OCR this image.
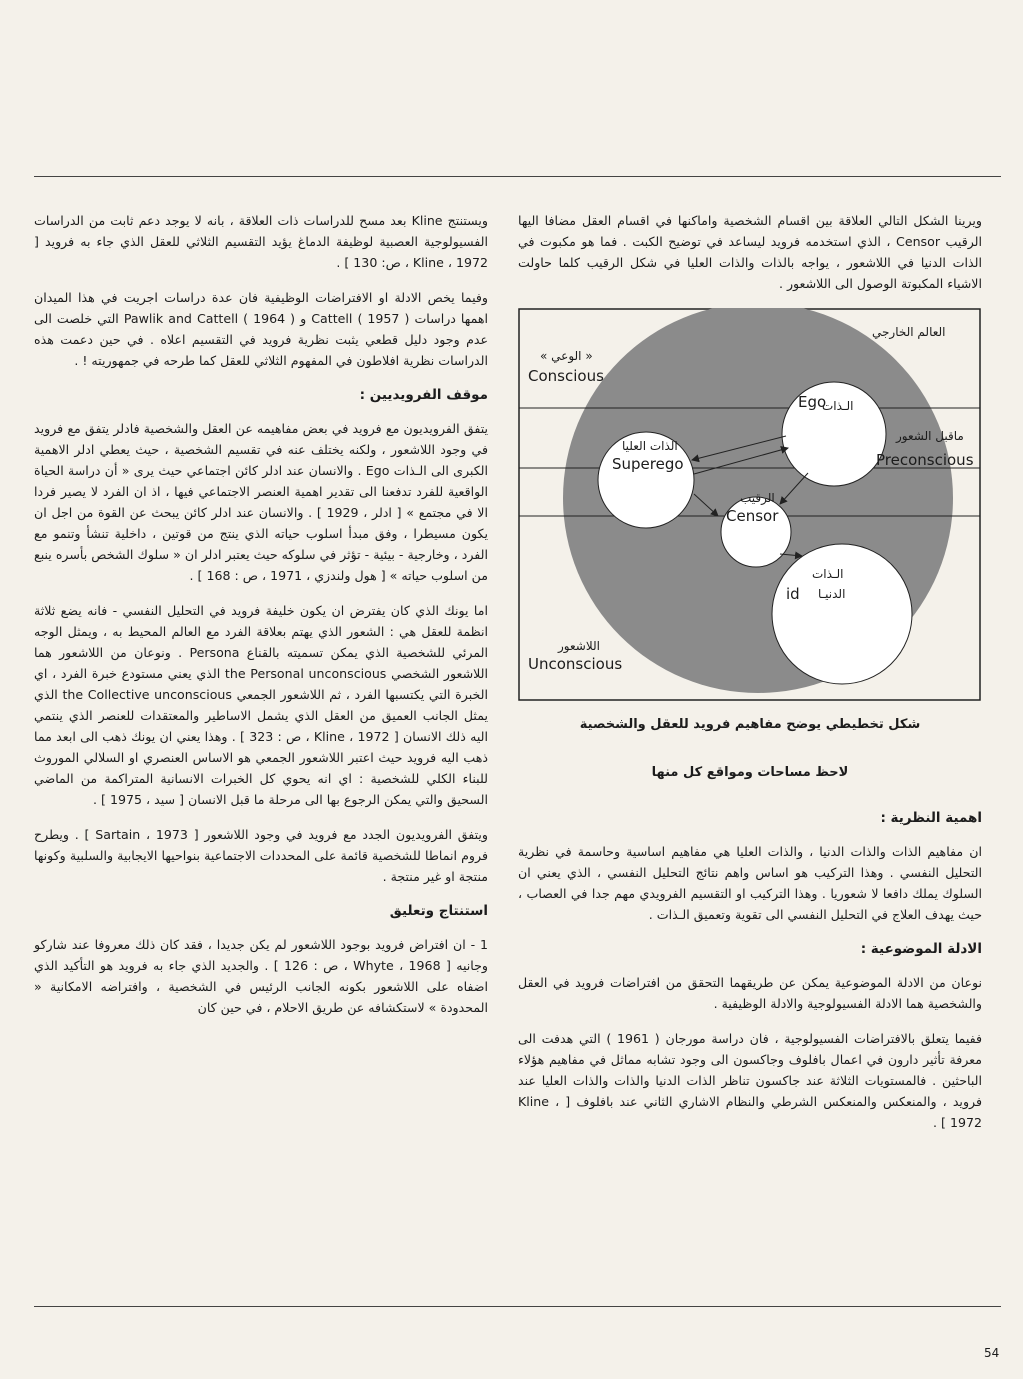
ويرينا الشكل التالي العلاقة بين اقسام الشخصية واماكنها في اقسام العقل مضافا اليها الرقيب Censor ، الذي استخدمه فرويد ليساعد في توضيح الكبت . فما هو مكبوت في الذات الدنيا في اللاشعور ، يواجه بالذات والذات العليا في شكل الرقيب كلما حاولت الاشياء المكبوتة الوصول الى اللاشعور .

العالم الخارجي
« الوعي »
Conscious
الـذات
Ego
الذات العليا
Superego
ماقبل الشعور
Preconscious
الرقيب
Censor
الـذات
الدنيـا
id
اللاشعور
Unconscious

شكل تخطيطي يوضح مفاهيم فرويد للعقل والشخصية

لاحظ مساحات ومواقع كل منها

اهمية النظرية :

ان مفاهيم الذات والذات الدنيا ، والذات العليا هي مفاهيم اساسية وحاسمة في نظرية التحليل النفسي . وهذا التركيب هو اساس واهم نتائج التحليل النفسي ، الذي يعني ان السلوك يملك دافعا لا شعوريا . وهذا التركيب او التقسيم الفرويدي مهم جدا في العصاب ، حيث يهدف العلاج في التحليل النفسي الى تقوية وتعميق الـذات .

الادلة الموضوعية :

نوعان من الادلة الموضوعية يمكن عن طريقهما التحقق من افتراضات فرويد في العقل والشخصية هما الادلة الفسيولوجية والادلة الوظيفية .

ففيما يتعلق بالافتراضات الفسيولوجية ، فان دراسة مورجان ( 1961 ) التي هدفت الى معرفة تأثير دارون في اعمال بافلوف وجاكسون الى وجود تشابه مماثل في مفاهيم هؤلاء الباحثين . فالمستويات الثلاثة عند جاكسون تناظر الذات الدنيا والذات والذات العليا عند فرويد ، والمنعكس والمنعكس الشرطي والنظام الاشاري الثاني عند بافلوف [ Kline ، 1972 ] .

ويستنتج Kline بعد مسح للدراسات ذات العلاقة ، بانه لا يوجد دعم ثابت من الدراسات الفسيولوجية العصبية لوظيفة الدماغ يؤيد التقسيم الثلاثي للعقل الذي جاء به فرويد [ Kline ، 1972 ، ص: 130 ] .

وفيما يخص الادلة او الافتراضات الوظيفية فان عدة دراسات اجريت في هذا الميدان اهمها دراسات Cattell ( 1957 ) و Pawlik and Cattell ( 1964 ) التي خلصت الى عدم وجود دليل قطعي يثبت نظرية فرويد في التقسيم اعلاه . في حين دعمت هذه الدراسات نظرية افلاطون في المفهوم الثلاثي للعقل كما طرحه في جمهوريته ! .

موقف الفرويديين :

يتفق الفرويديون مع فرويد في بعض مفاهيمه عن العقل والشخصية فادلر يتفق مع فرويد في وجود اللاشعور ، ولكنه يختلف عنه في تقسيم الشخصية ، حيث يعطي ادلر الاهمية الكبرى الى الـذات Ego . والانسان عند ادلر كائن اجتماعي حيث يرى « أن دراسة الحياة الواقعية للفرد تدفعنا الى تقدير اهمية العنصر الاجتماعي فيها ، اذ ان الفرد لا يصير فردا الا في مجتمع » [ ادلر ، 1929 ] . والانسان عند ادلر كائن يبحث عن القوة من اجل ان يكون مسيطرا ، وفق مبدأ اسلوب حياته الذي ينتج من قوتين ، داخلية تنشأ وتنمو مع الفرد ، وخارجية - بيئية - تؤثر في سلوكه حيث يعتبر ادلر ان « سلوك الشخص بأسره ينبع من اسلوب حياته » [ هول ولندزي ، 1971 ، ص : 168 ] .

اما يونك الذي كان يفترض ان يكون خليفة فرويد في التحليل النفسي - فانه يضع ثلاثة انظمة للعقل هي : الشعور الذي يهتم بعلاقة الفرد مع العالم المحيط به ، ويمثل الوجه المرئي للشخصية الذي يمكن تسميته بالقناع Persona . ونوعان من اللاشعور هما اللاشعور الشخصي the Personal unconscious الذي يعني مستودع خبرة الفرد ، اي الخبرة التي يكتسبها الفرد ، ثم اللاشعور الجمعي the Collective unconscious الذي يمثل الجانب العميق من العقل الذي يشمل الاساطير والمعتقدات للعنصر الذي ينتمي اليه ذلك الانسان [ Kline ، 1972 ، ص : 323 ] . وهذا يعني ان يونك ذهب الى ابعد مما ذهب اليه فرويد حيث اعتبر اللاشعور الجمعي هو الاساس العنصري او السلالي الموروث للبناء الكلي للشخصية : اي انه يحوي كل الخبرات الانسانية المتراكمة من الماضي السحيق والتي يمكن الرجوع بها الى مرحلة ما قبل الانسان [ سيد ، 1975 ] .

ويتفق الفرويديون الجدد مع فرويد في وجود اللاشعور [ Sartain ، 1973 ] . ويطرح فروم انماطا للشخصية قائمة على المحددات الاجتماعية بنواحيها الايجابية والسلبية وكونها منتجة او غير منتجة .

استنتاج وتعليق

1 - ان افتراض فرويد بوجود اللاشعور لم يكن جديدا ، فقد كان ذلك معروفا عند شاركو وجانيه [ Whyte ، 1968 ، ص : 126 ] . والجديد الذي جاء به فرويد هو التأكيد الذي اضفاه على اللاشعور بكونه الجانب الرئيس في الشخصية ، وافتراضه الامكانية « المحدودة » لاستكشافه عن طريق الاحلام ، في حين كان

54
